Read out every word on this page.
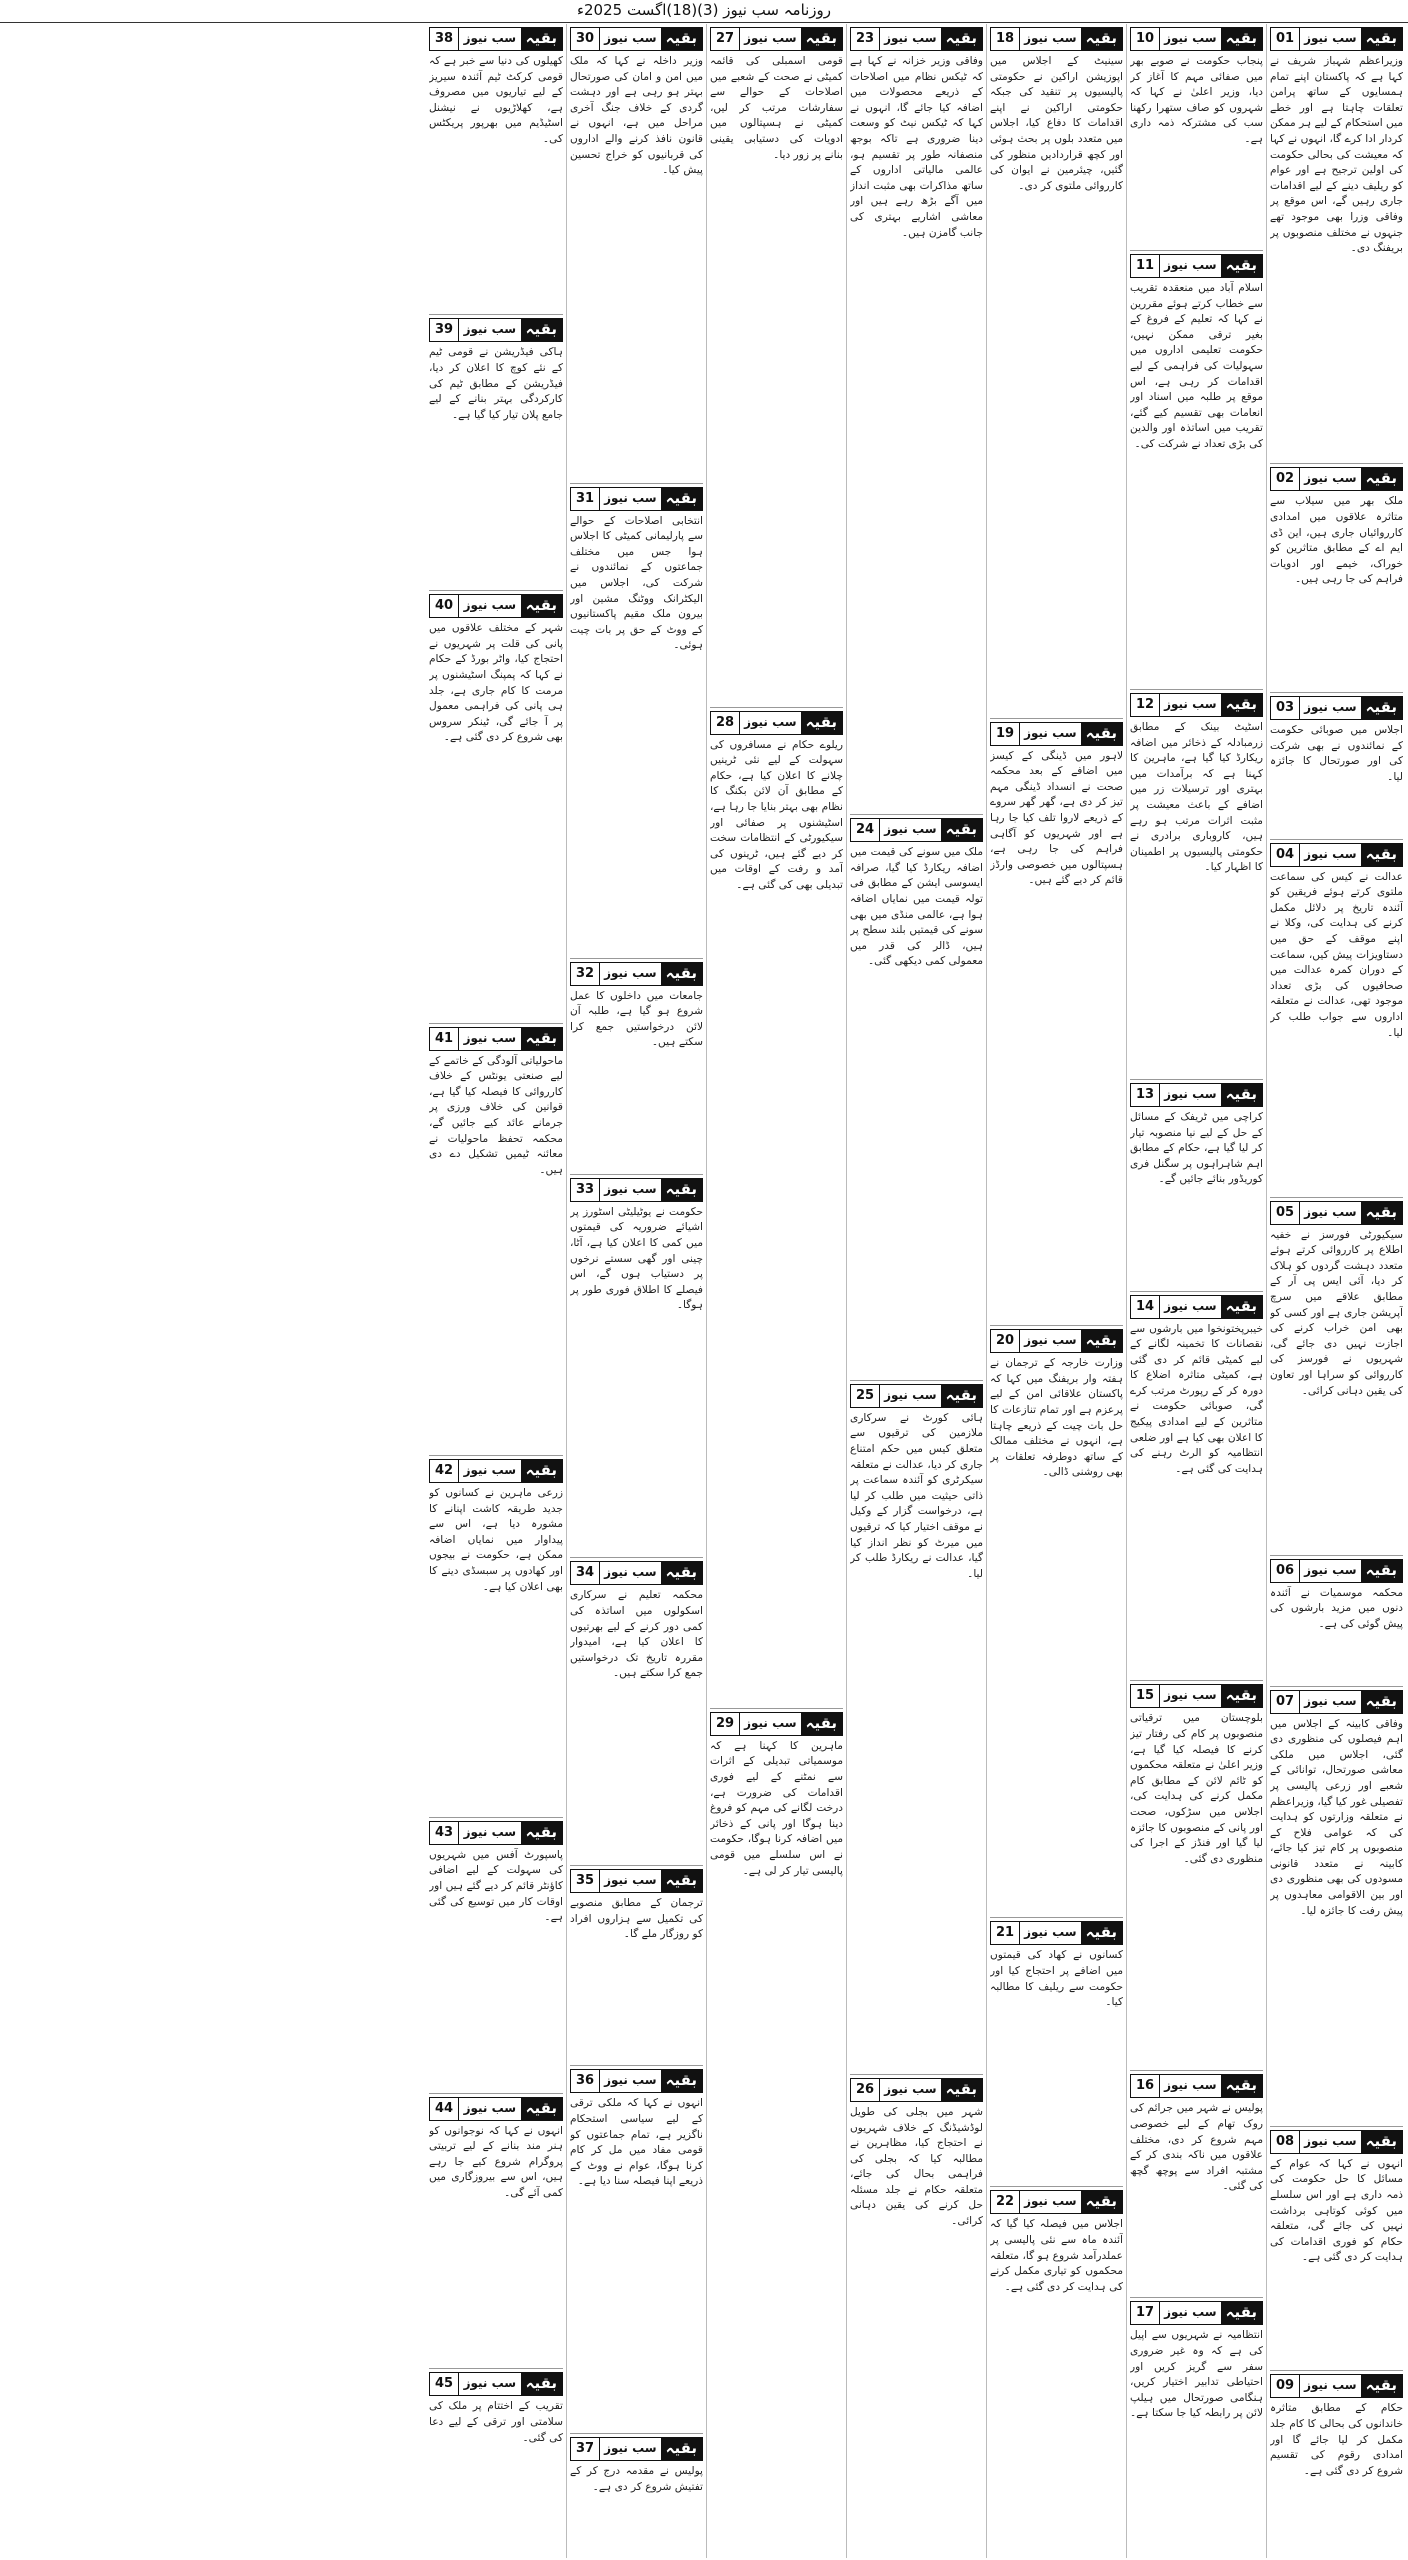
روزنامہ سب نیوز (3)(18)اگست 2025ء
بقیہ
سب نیوز
01
وزیراعظم شہباز شریف نے کہا ہے کہ پاکستان اپنے تمام ہمسایوں کے ساتھ پرامن تعلقات چاہتا ہے اور خطے میں استحکام کے لیے ہر ممکن کردار ادا کرے گا، انہوں نے کہا کہ معیشت کی بحالی حکومت کی اولین ترجیح ہے اور عوام کو ریلیف دینے کے لیے اقدامات جاری رہیں گے، اس موقع پر وفاقی وزرا بھی موجود تھے جنہوں نے مختلف منصوبوں پر بریفنگ دی۔
بقیہ
سب نیوز
02
ملک بھر میں سیلاب سے متاثرہ علاقوں میں امدادی کارروائیاں جاری ہیں، این ڈی ایم اے کے مطابق متاثرین کو خوراک، خیمے اور ادویات فراہم کی جا رہی ہیں۔
بقیہ
سب نیوز
03
اجلاس میں صوبائی حکومت کے نمائندوں نے بھی شرکت کی اور صورتحال کا جائزہ لیا۔
بقیہ
سب نیوز
04
عدالت نے کیس کی سماعت ملتوی کرتے ہوئے فریقین کو آئندہ تاریخ پر دلائل مکمل کرنے کی ہدایت کی، وکلا نے اپنے موقف کے حق میں دستاویزات پیش کیں، سماعت کے دوران کمرہ عدالت میں صحافیوں کی بڑی تعداد موجود تھی، عدالت نے متعلقہ اداروں سے جواب طلب کر لیا۔
بقیہ
سب نیوز
05
سیکیورٹی فورسز نے خفیہ اطلاع پر کارروائی کرتے ہوئے متعدد دہشت گردوں کو ہلاک کر دیا، آئی ایس پی آر کے مطابق علاقے میں سرچ آپریشن جاری ہے اور کسی کو بھی امن خراب کرنے کی اجازت نہیں دی جائے گی، شہریوں نے فورسز کی کارروائی کو سراہا اور تعاون کی یقین دہانی کرائی۔
بقیہ
سب نیوز
06
محکمہ موسمیات نے آئندہ دنوں میں مزید بارشوں کی پیش گوئی کی ہے۔
بقیہ
سب نیوز
07
وفاقی کابینہ کے اجلاس میں اہم فیصلوں کی منظوری دی گئی، اجلاس میں ملکی معاشی صورتحال، توانائی کے شعبے اور زرعی پالیسی پر تفصیلی غور کیا گیا، وزیراعظم نے متعلقہ وزارتوں کو ہدایت کی کہ عوامی فلاح کے منصوبوں پر کام تیز کیا جائے، کابینہ نے متعدد قانونی مسودوں کی بھی منظوری دی اور بین الاقوامی معاہدوں پر پیش رفت کا جائزہ لیا۔
بقیہ
سب نیوز
08
انہوں نے کہا کہ عوام کے مسائل کا حل حکومت کی ذمہ داری ہے اور اس سلسلے میں کوئی کوتاہی برداشت نہیں کی جائے گی، متعلقہ حکام کو فوری اقدامات کی ہدایت کر دی گئی ہے۔
بقیہ
سب نیوز
09
حکام کے مطابق متاثرہ خاندانوں کی بحالی کا کام جلد مکمل کر لیا جائے گا اور امدادی رقوم کی تقسیم شروع کر دی گئی ہے۔
بقیہ
سب نیوز
10
پنجاب حکومت نے صوبے بھر میں صفائی مہم کا آغاز کر دیا، وزیر اعلیٰ نے کہا کہ شہروں کو صاف ستھرا رکھنا سب کی مشترکہ ذمہ داری ہے۔
بقیہ
سب نیوز
11
اسلام آباد میں منعقدہ تقریب سے خطاب کرتے ہوئے مقررین نے کہا کہ تعلیم کے فروغ کے بغیر ترقی ممکن نہیں، حکومت تعلیمی اداروں میں سہولیات کی فراہمی کے لیے اقدامات کر رہی ہے، اس موقع پر طلبہ میں اسناد اور انعامات بھی تقسیم کیے گئے، تقریب میں اساتذہ اور والدین کی بڑی تعداد نے شرکت کی۔
بقیہ
سب نیوز
12
اسٹیٹ بینک کے مطابق زرمبادلہ کے ذخائر میں اضافہ ریکارڈ کیا گیا ہے، ماہرین کا کہنا ہے کہ برآمدات میں بہتری اور ترسیلات زر میں اضافے کے باعث معیشت پر مثبت اثرات مرتب ہو رہے ہیں، کاروباری برادری نے حکومتی پالیسیوں پر اطمینان کا اظہار کیا۔
بقیہ
سب نیوز
13
کراچی میں ٹریفک کے مسائل کے حل کے لیے نیا منصوبہ تیار کر لیا گیا ہے، حکام کے مطابق اہم شاہراہوں پر سگنل فری کوریڈور بنائے جائیں گے۔
بقیہ
سب نیوز
14
خیبرپختونخوا میں بارشوں سے نقصانات کا تخمینہ لگانے کے لیے کمیٹی قائم کر دی گئی ہے، کمیٹی متاثرہ اضلاع کا دورہ کر کے رپورٹ مرتب کرے گی، صوبائی حکومت نے متاثرین کے لیے امدادی پیکیج کا اعلان بھی کیا ہے اور ضلعی انتظامیہ کو الرٹ رہنے کی ہدایت کی گئی ہے۔
بقیہ
سب نیوز
15
بلوچستان میں ترقیاتی منصوبوں پر کام کی رفتار تیز کرنے کا فیصلہ کیا گیا ہے، وزیر اعلیٰ نے متعلقہ محکموں کو ٹائم لائن کے مطابق کام مکمل کرنے کی ہدایت کی، اجلاس میں سڑکوں، صحت اور پانی کے منصوبوں کا جائزہ لیا گیا اور فنڈز کے اجرا کی منظوری دی گئی۔
بقیہ
سب نیوز
16
پولیس نے شہر میں جرائم کی روک تھام کے لیے خصوصی مہم شروع کر دی، مختلف علاقوں میں ناکہ بندی کر کے مشتبہ افراد سے پوچھ گچھ کی گئی۔
بقیہ
سب نیوز
17
انتظامیہ نے شہریوں سے اپیل کی ہے کہ وہ غیر ضروری سفر سے گریز کریں اور احتیاطی تدابیر اختیار کریں، ہنگامی صورتحال میں ہیلپ لائن پر رابطہ کیا جا سکتا ہے۔
بقیہ
سب نیوز
18
سینیٹ کے اجلاس میں اپوزیشن اراکین نے حکومتی پالیسیوں پر تنقید کی جبکہ حکومتی اراکین نے اپنے اقدامات کا دفاع کیا، اجلاس میں متعدد بلوں پر بحث ہوئی اور کچھ قراردادیں منظور کی گئیں، چیئرمین نے ایوان کی کارروائی ملتوی کر دی۔
بقیہ
سب نیوز
19
لاہور میں ڈینگی کے کیسز میں اضافے کے بعد محکمہ صحت نے انسداد ڈینگی مہم تیز کر دی ہے، گھر گھر سروے کے ذریعے لاروا تلف کیا جا رہا ہے اور شہریوں کو آگاہی فراہم کی جا رہی ہے، ہسپتالوں میں خصوصی وارڈز قائم کر دیے گئے ہیں۔
بقیہ
سب نیوز
20
وزارت خارجہ کے ترجمان نے ہفتہ وار بریفنگ میں کہا کہ پاکستان علاقائی امن کے لیے پرعزم ہے اور تمام تنازعات کا حل بات چیت کے ذریعے چاہتا ہے، انہوں نے مختلف ممالک کے ساتھ دوطرفہ تعلقات پر بھی روشنی ڈالی۔
بقیہ
سب نیوز
21
کسانوں نے کھاد کی قیمتوں میں اضافے پر احتجاج کیا اور حکومت سے ریلیف کا مطالبہ کیا۔
بقیہ
سب نیوز
22
اجلاس میں فیصلہ کیا گیا کہ آئندہ ماہ سے نئی پالیسی پر عملدرآمد شروع ہو گا، متعلقہ محکموں کو تیاری مکمل کرنے کی ہدایت کر دی گئی ہے۔
بقیہ
سب نیوز
23
وفاقی وزیر خزانہ نے کہا ہے کہ ٹیکس نظام میں اصلاحات کے ذریعے محصولات میں اضافہ کیا جائے گا، انہوں نے کہا کہ ٹیکس نیٹ کو وسعت دینا ضروری ہے تاکہ بوجھ منصفانہ طور پر تقسیم ہو، عالمی مالیاتی اداروں کے ساتھ مذاکرات بھی مثبت انداز میں آگے بڑھ رہے ہیں اور معاشی اشاریے بہتری کی جانب گامزن ہیں۔
بقیہ
سب نیوز
24
ملک میں سونے کی قیمت میں اضافہ ریکارڈ کیا گیا، صرافہ ایسوسی ایشن کے مطابق فی تولہ قیمت میں نمایاں اضافہ ہوا ہے، عالمی منڈی میں بھی سونے کی قیمتیں بلند سطح پر ہیں، ڈالر کی قدر میں معمولی کمی دیکھی گئی۔
بقیہ
سب نیوز
25
ہائی کورٹ نے سرکاری ملازمین کی ترقیوں سے متعلق کیس میں حکم امتناع جاری کر دیا، عدالت نے متعلقہ سیکرٹری کو آئندہ سماعت پر ذاتی حیثیت میں طلب کر لیا ہے، درخواست گزار کے وکیل نے موقف اختیار کیا کہ ترقیوں میں میرٹ کو نظر انداز کیا گیا، عدالت نے ریکارڈ طلب کر لیا۔
بقیہ
سب نیوز
26
شہر میں بجلی کی طویل لوڈشیڈنگ کے خلاف شہریوں نے احتجاج کیا، مظاہرین نے مطالبہ کیا کہ بجلی کی فراہمی بحال کی جائے، متعلقہ حکام نے جلد مسئلہ حل کرنے کی یقین دہانی کرائی۔
بقیہ
سب نیوز
27
قومی اسمبلی کی قائمہ کمیٹی نے صحت کے شعبے میں اصلاحات کے حوالے سے سفارشات مرتب کر لیں، کمیٹی نے ہسپتالوں میں ادویات کی دستیابی یقینی بنانے پر زور دیا۔
بقیہ
سب نیوز
28
ریلوے حکام نے مسافروں کی سہولت کے لیے نئی ٹرینیں چلانے کا اعلان کیا ہے، حکام کے مطابق آن لائن بکنگ کا نظام بھی بہتر بنایا جا رہا ہے، اسٹیشنوں پر صفائی اور سیکیورٹی کے انتظامات سخت کر دیے گئے ہیں، ٹرینوں کی آمد و رفت کے اوقات میں تبدیلی بھی کی گئی ہے۔
بقیہ
سب نیوز
29
ماہرین کا کہنا ہے کہ موسمیاتی تبدیلی کے اثرات سے نمٹنے کے لیے فوری اقدامات کی ضرورت ہے، درخت لگانے کی مہم کو فروغ دینا ہوگا اور پانی کے ذخائر میں اضافہ کرنا ہوگا، حکومت نے اس سلسلے میں قومی پالیسی تیار کر لی ہے۔
بقیہ
سب نیوز
30
وزیر داخلہ نے کہا کہ ملک میں امن و امان کی صورتحال بہتر ہو رہی ہے اور دہشت گردی کے خلاف جنگ آخری مراحل میں ہے، انہوں نے قانون نافذ کرنے والے اداروں کی قربانیوں کو خراج تحسین پیش کیا۔
بقیہ
سب نیوز
31
انتخابی اصلاحات کے حوالے سے پارلیمانی کمیٹی کا اجلاس ہوا جس میں مختلف جماعتوں کے نمائندوں نے شرکت کی، اجلاس میں الیکٹرانک ووٹنگ مشین اور بیرون ملک مقیم پاکستانیوں کے ووٹ کے حق پر بات چیت ہوئی۔
بقیہ
سب نیوز
32
جامعات میں داخلوں کا عمل شروع ہو گیا ہے، طلبہ آن لائن درخواستیں جمع کرا سکتے ہیں۔
بقیہ
سب نیوز
33
حکومت نے یوٹیلیٹی اسٹورز پر اشیائے ضروریہ کی قیمتوں میں کمی کا اعلان کیا ہے، آٹا، چینی اور گھی سستے نرخوں پر دستیاب ہوں گے، اس فیصلے کا اطلاق فوری طور پر ہوگا۔
بقیہ
سب نیوز
34
محکمہ تعلیم نے سرکاری اسکولوں میں اساتذہ کی کمی دور کرنے کے لیے بھرتیوں کا اعلان کیا ہے، امیدوار مقررہ تاریخ تک درخواستیں جمع کرا سکتے ہیں۔
بقیہ
سب نیوز
35
ترجمان کے مطابق منصوبے کی تکمیل سے ہزاروں افراد کو روزگار ملے گا۔
بقیہ
سب نیوز
36
انہوں نے کہا کہ ملکی ترقی کے لیے سیاسی استحکام ناگزیر ہے، تمام جماعتوں کو قومی مفاد میں مل کر کام کرنا ہوگا، عوام نے ووٹ کے ذریعے اپنا فیصلہ سنا دیا ہے۔
بقیہ
سب نیوز
37
پولیس نے مقدمہ درج کر کے تفتیش شروع کر دی ہے۔
بقیہ
سب نیوز
38
کھیلوں کی دنیا سے خبر ہے کہ قومی کرکٹ ٹیم آئندہ سیریز کے لیے تیاریوں میں مصروف ہے، کھلاڑیوں نے نیشنل اسٹیڈیم میں بھرپور پریکٹس کی۔
بقیہ
سب نیوز
39
ہاکی فیڈریشن نے قومی ٹیم کے نئے کوچ کا اعلان کر دیا، فیڈریشن کے مطابق ٹیم کی کارکردگی بہتر بنانے کے لیے جامع پلان تیار کیا گیا ہے۔
بقیہ
سب نیوز
40
شہر کے مختلف علاقوں میں پانی کی قلت پر شہریوں نے احتجاج کیا، واٹر بورڈ کے حکام نے کہا کہ پمپنگ اسٹیشنوں پر مرمت کا کام جاری ہے، جلد ہی پانی کی فراہمی معمول پر آ جائے گی، ٹینکر سروس بھی شروع کر دی گئی ہے۔
بقیہ
سب نیوز
41
ماحولیاتی آلودگی کے خاتمے کے لیے صنعتی یونٹس کے خلاف کارروائی کا فیصلہ کیا گیا ہے، قوانین کی خلاف ورزی پر جرمانے عائد کیے جائیں گے، محکمہ تحفظ ماحولیات نے معائنہ ٹیمیں تشکیل دے دی ہیں۔
بقیہ
سب نیوز
42
زرعی ماہرین نے کسانوں کو جدید طریقہ کاشت اپنانے کا مشورہ دیا ہے، اس سے پیداوار میں نمایاں اضافہ ممکن ہے، حکومت نے بیجوں اور کھادوں پر سبسڈی دینے کا بھی اعلان کیا ہے۔
بقیہ
سب نیوز
43
پاسپورٹ آفس میں شہریوں کی سہولت کے لیے اضافی کاؤنٹر قائم کر دیے گئے ہیں اور اوقات کار میں توسیع کی گئی ہے۔
بقیہ
سب نیوز
44
انہوں نے کہا کہ نوجوانوں کو ہنر مند بنانے کے لیے تربیتی پروگرام شروع کیے جا رہے ہیں، اس سے بیروزگاری میں کمی آئے گی۔
بقیہ
سب نیوز
45
تقریب کے اختتام پر ملک کی سلامتی اور ترقی کے لیے دعا کی گئی۔
